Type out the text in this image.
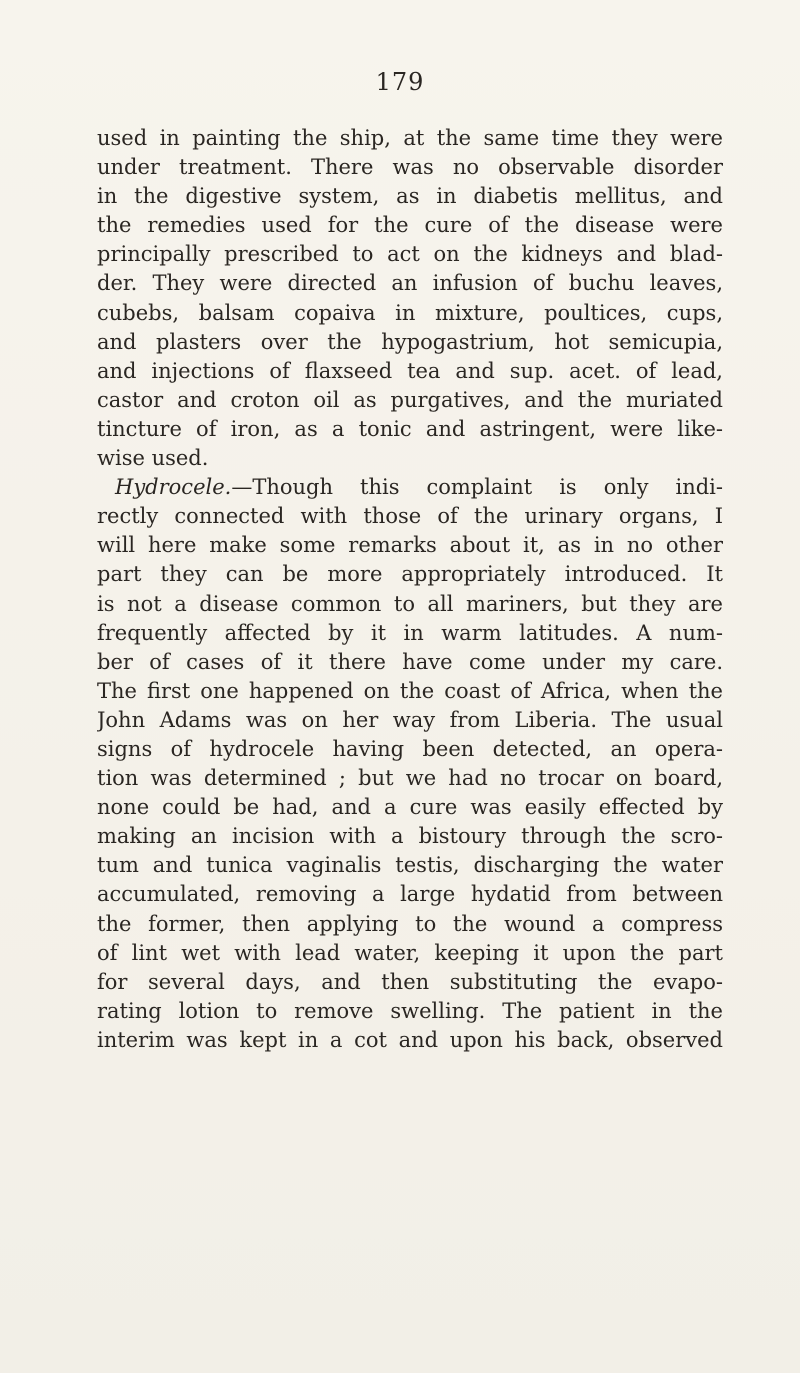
179

used in painting the ship, at the same time they were
under treatment. There was no observable disorder
in the digestive system, as in diabetis mellitus, and
the remedies used for the cure of the disease were
principally prescribed to act on the kidneys and blad-
der. They were directed an infusion of buchu leaves,
cubebs, balsam copaiva in mixture, poultices, cups,
and plasters over the hypogastrium, hot semicupia,
and injections of flaxseed tea and sup. acet. of lead,
castor and croton oil as purgatives, and the muriated
tincture of iron, as a tonic and astringent, were like-
wise used.
Hydrocele.—Though this complaint is only indi-
rectly connected with those of the urinary organs, I
will here make some remarks about it, as in no other
part they can be more appropriately introduced. It
is not a disease common to all mariners, but they are
frequently affected by it in warm latitudes. A num-
ber of cases of it there have come under my care.
The first one happened on the coast of Africa, when the
John Adams was on her way from Liberia. The usual
signs of hydrocele having been detected, an opera-
tion was determined ; but we had no trocar on board,
none could be had, and a cure was easily effected by
making an incision with a bistoury through the scro-
tum and tunica vaginalis testis, discharging the water
accumulated, removing a large hydatid from between
the former, then applying to the wound a compress
of lint wet with lead water, keeping it upon the part
for several days, and then substituting the evapo-
rating lotion to remove swelling. The patient in the
interim was kept in a cot and upon his back, observed
